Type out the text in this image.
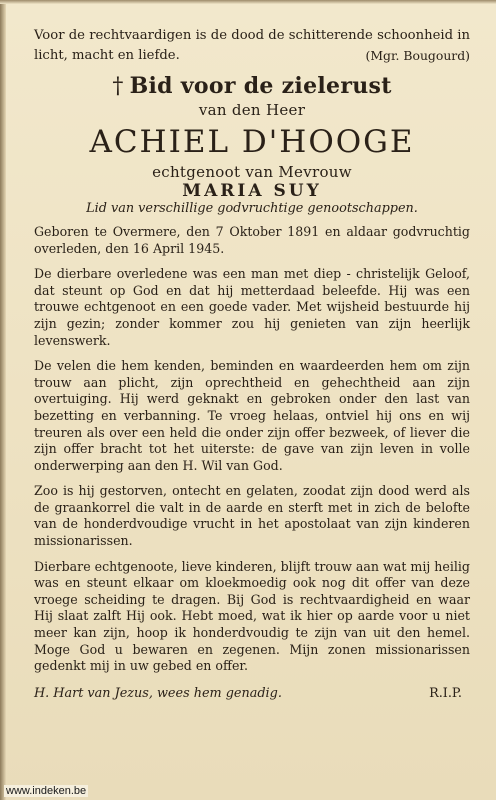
Voor de rechtvaardigen is de dood de schitterende schoonheid in licht, macht en liefde.	(Mgr. Bougourd)
† Bid voor de zielerust
van den Heer
ACHIEL D'HOOGE
echtgenoot van Mevrouw
MARIA SUY
Lid van verschillige godvruchtige genootschappen.
Geboren te Overmere, den 7 Oktober 1891 en aldaar godvruchtig overleden, den 16 April 1945.
De dierbare overledene was een man met diep - christelijk Geloof, dat steunt op God en dat hij metterdaad beleefde. Hij was een trouwe echtgenoot en een goede vader. Met wijsheid bestuurde hij zijn gezin; zonder kommer zou hij genieten van zijn heerlijk levenswerk.
De velen die hem kenden, beminden en waardeerden hem om zijn trouw aan plicht, zijn oprechtheid en gehechtheid aan zijn overtuiging. Hij werd geknakt en gebroken onder den last van bezetting en verbanning. Te vroeg helaas, ontviel hij ons en wij treuren als over een held die onder zijn offer bezweek, of liever die zijn offer bracht tot het uiterste: de gave van zijn leven in volle onderwerping aan den H. Wil van God.
Zoo is hij gestorven, ontecht en gelaten, zoodat zijn dood werd als de graankorrel die valt in de aarde en sterft met in zich de belofte van de honderdvoudige vrucht in het apostolaat van zijn kinderen missionarissen.
Dierbare echtgenoote, lieve kinderen, blijft trouw aan wat mij heilig was en steunt elkaar om kloekmoedig ook nog dit offer van deze vroege scheiding te dragen. Bij God is rechtvaardigheid en waar Hij slaat zalft Hij ook. Hebt moed, wat ik hier op aarde voor u niet meer kan zijn, hoop ik honderdvoudig te zijn van uit den hemel. Moge God u bewaren en zegenen. Mijn zonen missionarissen gedenkt mij in uw gebed en offer.
H. Hart van Jezus, wees hem genadig.	R.I.P.
www.indeken.be
